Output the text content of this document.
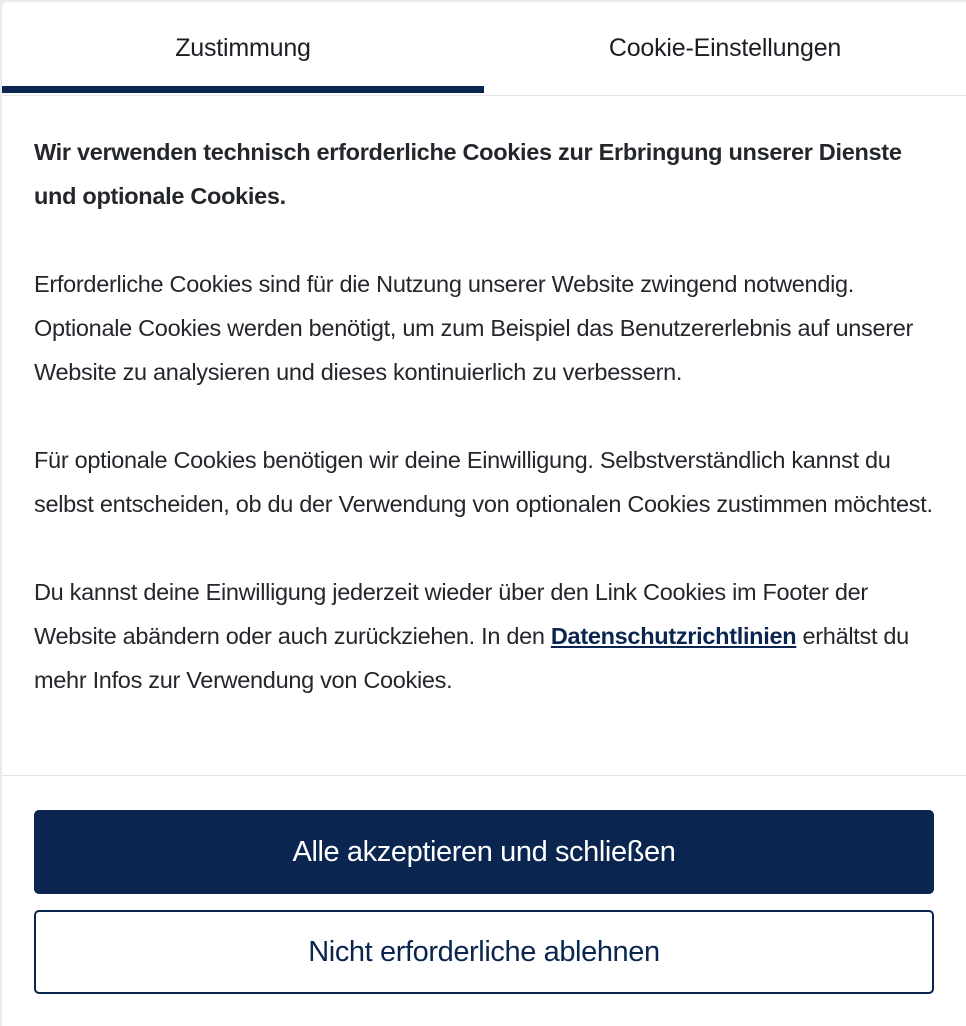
Zustimmung	Cookie-Einstellungen

Wir verwenden technisch erforderliche Cookies zur Erbringung unserer Dienste und optionale Cookies.

Erforderliche Cookies sind für die Nutzung unserer Website zwingend notwendig. Optionale Cookies werden benötigt, um zum Beispiel das Benutzererlebnis auf unserer Website zu analysieren und dieses kontinuierlich zu verbessern.

Für optionale Cookies benötigen wir deine Einwilligung. Selbstverständlich kannst du selbst entscheiden, ob du der Verwendung von optionalen Cookies zustimmen möchtest.

Du kannst deine Einwilligung jederzeit wieder über den Link Cookies im Footer der Website abändern oder auch zurückziehen. In den Datenschutzrichtlinien erhältst du mehr Infos zur Verwendung von Cookies.

Alle akzeptieren und schließen
Nicht erforderliche ablehnen
